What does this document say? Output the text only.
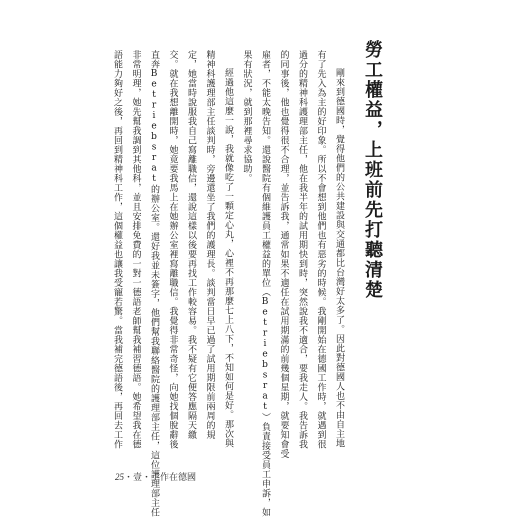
勞工權益，上班前先打聽清楚
剛來到德國時，覺得他們的公共建設與交通都比台灣好太多了。因此對德國人也不由自主地
有了先入為主的好印象。所以不會想到他們也有惡劣的時候。我剛開始在德國工作時，就遇到很
過分的精神科護理部主任，他在我半年的試用期快到時，突然說我不適合，要我走人。我告訴我
的同事後，他也覺得很不合理，並告訴我，通常如果不適任在試用期滿的前幾個星期，就要知會受
雇者，不能太晚告知。還說醫院有個維護員工權益的單位（Betriebsrat）負責接受員工申訴，如
果有狀況，就到那裡尋求協助。
經過他這麼一說，我就像吃了一顆定心丸，心裡不再那麼七上八下，不知如何是好。那次與
精神科護理部主任談判時，旁邊還坐了我們的護理長。談判當日早已過了試用期限前兩周的規
定，她當時說服我自己寫離職信，還說這樣以後要再找工作較容易。我不疑有它便答應隔天繳
交。就在我想離開時，她竟要我馬上在她辦公室裡寫離職信。我覺得非常奇怪，向她找個脫辭後
直奔Betriebsrat的辦公室。還好我並未簽字，他們幫我聯絡醫院的護理部主任，這位護理部主任
非常明理，她先幫我調到其他科，並且安排免費的一對一德語老師幫我補習德語。她希望我在德
語能力夠好之後，再回到精神科工作，這個權益也讓我受寵若驚。當我補完德語後，再回去工作
25・壹・工作在德國
